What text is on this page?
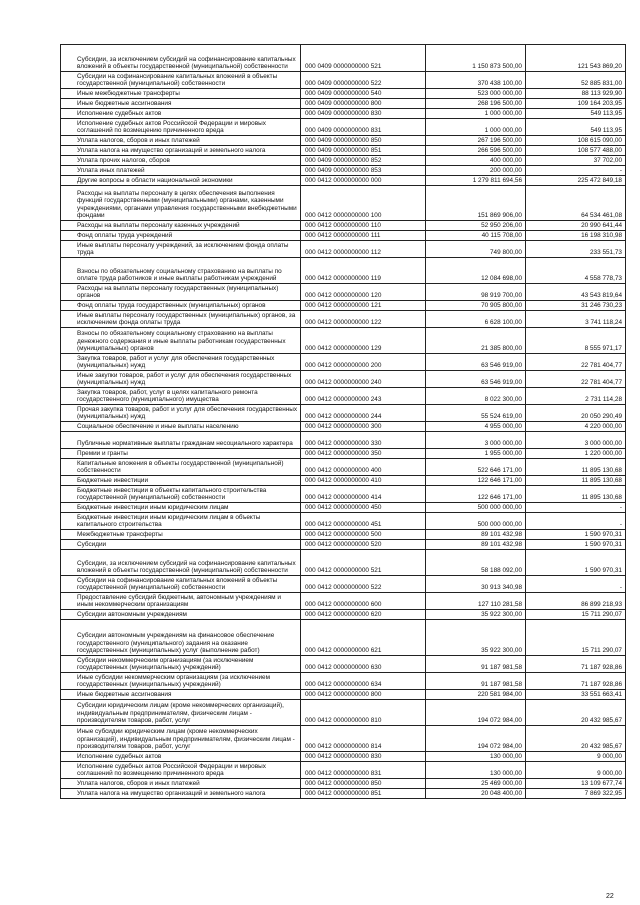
Субсидии, за исключением субсидий на софинансирование капитальных вложений в объекты государственной (муниципальной) собственности	000 0409 0000000000 521	1 150 873 500,00	121 543 869,20
Субсидии на софинансирование капитальных вложений в объекты государственной (муниципальной) собственности	000 0409 0000000000 522	370 438 100,00	52 885 831,00
Иные межбюджетные трансферты	000 0409 0000000000 540	523 000 000,00	88 113 929,90
Иные бюджетные ассигнования	000 0409 0000000000 800	268 196 500,00	109 164 203,95
Исполнение судебных актов	000 0409 0000000000 830	1 000 000,00	549 113,95
Исполнение судебных актов Российской Федерации и мировых соглашений по возмещению причиненного вреда	000 0409 0000000000 831	1 000 000,00	549 113,95
Уплата налогов, сборов и иных платежей	000 0409 0000000000 850	267 196 500,00	108 615 090,00
Уплата налога на имущество организаций и земельного налога	000 0409 0000000000 851	266 596 500,00	108 577 488,00
Уплата прочих налогов, сборов	000 0409 0000000000 852	400 000,00	37 702,00
Уплата иных платежей	000 0409 0000000000 853	200 000,00	-
Другие вопросы в области национальной экономики	000 0412 0000000000 000	1 279 811 694,56	225 472 849,18
Расходы на выплаты персоналу в целях обеспечения выполнения функций государственными (муниципальными) органами, казенными учреждениями, органами управления государственными внебюджетными фондами	000 0412 0000000000 100	151 869 906,00	64 534 461,08
Расходы на выплаты персоналу казенных учреждений	000 0412 0000000000 110	52 950 206,00	20 990 641,44
Фонд оплаты труда учреждений	000 0412 0000000000 111	40 115 708,00	16 198 310,98
Иные выплаты персоналу учреждений, за исключением фонда оплаты труда	000 0412 0000000000 112	749 800,00	233 551,73
Взносы по обязательному социальному страхованию на выплаты по оплате труда работников и иные выплаты работникам учреждений	000 0412 0000000000 119	12 084 698,00	4 558 778,73
Расходы на выплаты персоналу государственных (муниципальных) органов	000 0412 0000000000 120	98 919 700,00	43 543 819,64
Фонд оплаты труда государственных (муниципальных) органов	000 0412 0000000000 121	70 905 800,00	31 246 730,23
Иные выплаты персоналу государственных (муниципальных) органов, за исключением фонда оплаты труда	000 0412 0000000000 122	6 628 100,00	3 741 118,24
Взносы по обязательному социальному страхованию на выплаты денежного содержания и иные выплаты работникам государственных (муниципальных) органов	000 0412 0000000000 129	21 385 800,00	8 555 971,17
Закупка товаров, работ и услуг для обеспечения государственных (муниципальных) нужд	000 0412 0000000000 200	63 546 919,00	22 781 404,77
Иные закупки товаров, работ и услуг для обеспечения государственных (муниципальных) нужд	000 0412 0000000000 240	63 546 919,00	22 781 404,77
Закупка товаров, работ, услуг в целях капитального ремонта государственного (муниципального) имущества	000 0412 0000000000 243	8 022 300,00	2 731 114,28
Прочая закупка товаров, работ и услуг для обеспечения государственных (муниципальных) нужд	000 0412 0000000000 244	55 524 619,00	20 050 290,49
Социальное обеспечение и иные выплаты населению	000 0412 0000000000 300	4 955 000,00	4 220 000,00
Публичные нормативные выплаты гражданам несоциального характера	000 0412 0000000000 330	3 000 000,00	3 000 000,00
Премии и гранты	000 0412 0000000000 350	1 955 000,00	1 220 000,00
Капитальные вложения в объекты государственной (муниципальной) собственности	000 0412 0000000000 400	522 646 171,00	11 895 130,68
Бюджетные инвестиции	000 0412 0000000000 410	122 646 171,00	11 895 130,68
Бюджетные инвестиции в объекты капитального строительства государственной (муниципальной) собственности	000 0412 0000000000 414	122 646 171,00	11 895 130,68
Бюджетные инвестиции иным юридическим лицам	000 0412 0000000000 450	500 000 000,00	-
Бюджетные инвестиции иным юридическим лицам в объекты капитального строительства	000 0412 0000000000 451	500 000 000,00	-
Межбюджетные трансферты	000 0412 0000000000 500	89 101 432,98	1 590 970,31
Субсидии	000 0412 0000000000 520	89 101 432,98	1 590 970,31
Субсидии, за исключением субсидий на софинансирование капитальных вложений в объекты государственной (муниципальной) собственности	000 0412 0000000000 521	58 188 092,00	1 590 970,31
Субсидии на софинансирование капитальных вложений в объекты государственной (муниципальной) собственности	000 0412 0000000000 522	30 913 340,98	-
Предоставление субсидий бюджетным, автономным учреждениям и иным некоммерческим организациям	000 0412 0000000000 600	127 110 281,58	86 899 218,93
Субсидии автономным учреждениям	000 0412 0000000000 620	35 922 300,00	15 711 290,07
Субсидии автономным учреждениям на финансовое обеспечение государственного (муниципального) задания на оказание государственных (муниципальных) услуг (выполнение работ)	000 0412 0000000000 621	35 922 300,00	15 711 290,07
Субсидии некоммерческим организациям (за исключением государственных (муниципальных) учреждений)	000 0412 0000000000 630	91 187 981,58	71 187 928,86
Иные субсидии некоммерческим организациям (за исключением государственных (муниципальных) учреждений)	000 0412 0000000000 634	91 187 981,58	71 187 928,86
Иные бюджетные ассигнования	000 0412 0000000000 800	220 581 984,00	33 551 663,41
Субсидии юридическим лицам (кроме некоммерческих организаций), индивидуальным предпринимателям, физическим лицам - производителям товаров, работ, услуг	000 0412 0000000000 810	194 072 984,00	20 432 985,67
Иные субсидии юридическим лицам (кроме некоммерческих организаций), индивидуальным предпринимателям, физическим лицам - производителям товаров, работ, услуг	000 0412 0000000000 814	194 072 984,00	20 432 985,67
Исполнение судебных актов	000 0412 0000000000 830	130 000,00	9 000,00
Исполнение судебных актов Российской Федерации и мировых соглашений по возмещению причиненного вреда	000 0412 0000000000 831	130 000,00	9 000,00
Уплата налогов, сборов и иных платежей	000 0412 0000000000 850	25 469 000,00	13 109 677,74
Уплата налога на имущество организаций и земельного налога	000 0412 0000000000 851	20 048 400,00	7 869 322,95
22
